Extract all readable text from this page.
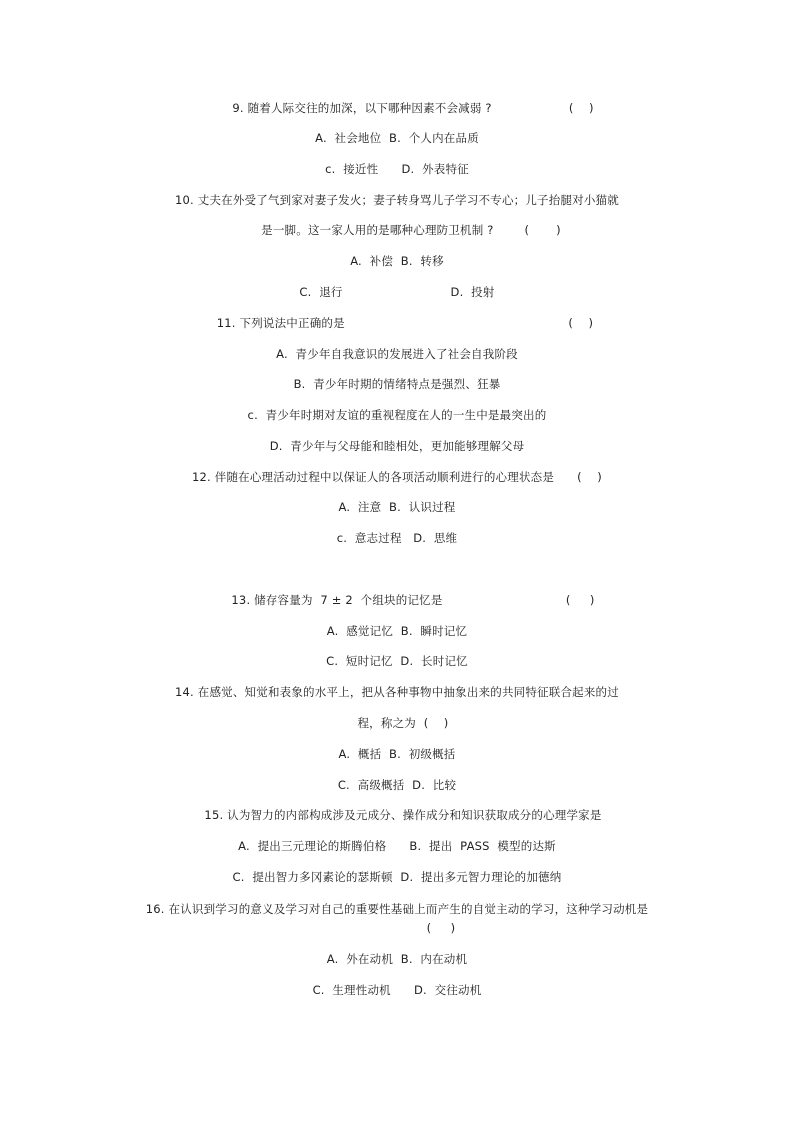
9. 随着人际交往的加深，以下哪种因素不会减弱 ?                    (    )
A.  社会地位  B.  个人内在品质
c.  接近性      D.  外表特征
10. 丈夫在外受了气到家对妻子发火；妻子转身骂儿子学习不专心；儿子抬腿对小猫就
是一脚。这一家人用的是哪种心理防卫机制 ?        (       )
A.  补偿  B.  转移
C.  退行                            D.  投射
11. 下列说法中正确的是                                                          (    )
A.  青少年自我意识的发展进入了社会自我阶段
B.  青少年时期的情绪特点是强烈、狂暴
c.  青少年时期对友谊的重视程度在人的一生中是最突出的
D.  青少年与父母能和睦相处，更加能够理解父母
12. 伴随在心理活动过程中以保证人的各项活动顺利进行的心理状态是      (    )
A.  注意  B.  认识过程
c.  意志过程   D.  思维
13. 储存容量为  7 ± 2  个组块的记忆是                                (     )
A.  感觉记忆  B.  瞬时记忆
C.  短时记忆  D.  长时记忆
14. 在感觉、知觉和表象的水平上，把从各种事物中抽象出来的共同特征联合起来的过
程，称之为  (    )
A.  概括  B.  初级概括
C.  高级概括  D.  比较
15. 认为智力的内部构成涉及元成分、操作成分和知识获取成分的心理学家是
A.  提出三元理论的斯腾伯格      B.  提出  PASS  模型的达斯
C.  提出智力多冈素论的瑟斯顿  D.  提出多元智力理论的加德纳
16. 在认识到学习的意义及学习对自己的重要性基础上而产生的自觉主动的学习，这种学习动机是
(     )
A.  外在动机  B.  内在动机
C.  生理性动机      D.  交往动机
